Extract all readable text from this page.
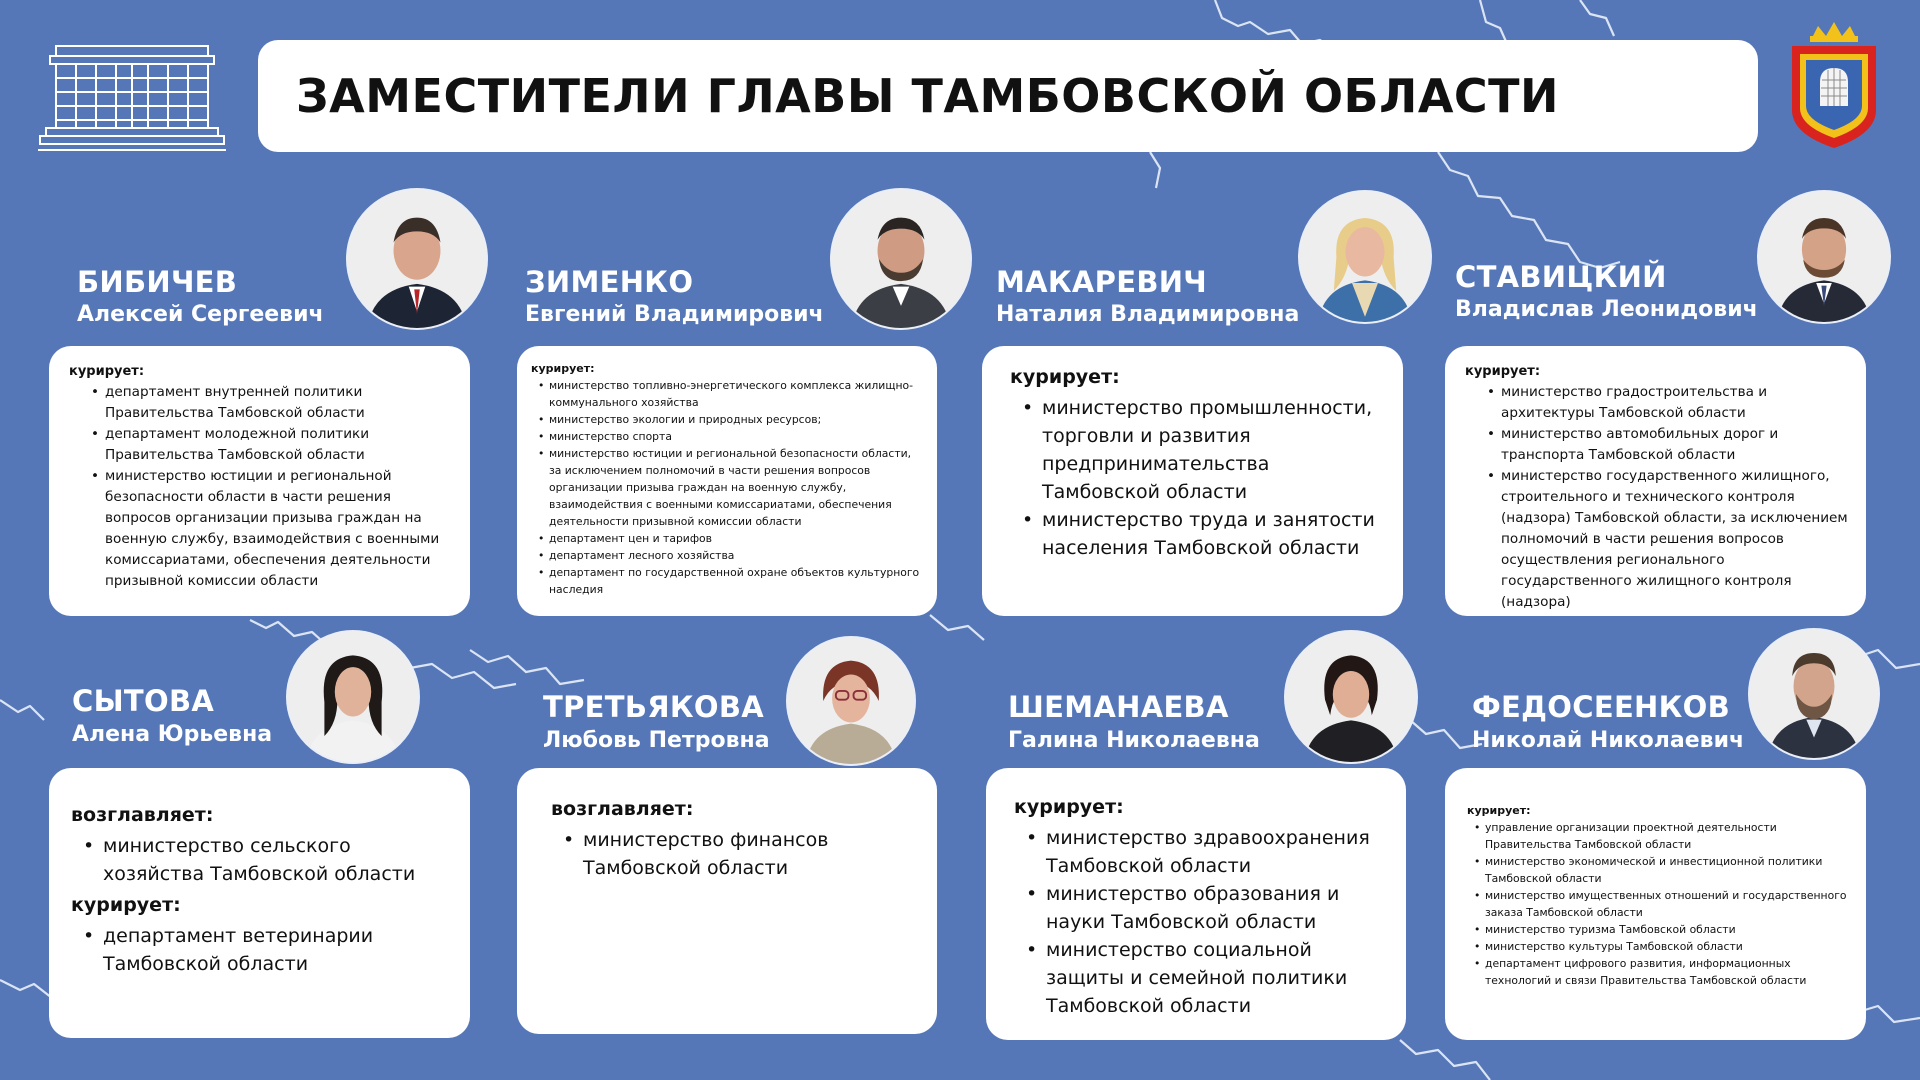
ЗАМЕСТИТЕЛИ ГЛАВЫ ТАМБОВСКОЙ ОБЛАСТИ
БИБИЧЕВ
Алексей Сергеевич
курирует:
• департамент внутренней политики Правительства Тамбовской области
• департамент молодежной политики Правительства Тамбовской области
• министерство юстиции и региональной безопасности области в части решения вопросов организации призыва граждан на военную службу, взаимодействия с военными комиссариатами, обеспечения деятельности призывной комиссии области
ЗИМЕНКО
Евгений Владимирович
курирует:
• министерство топливно-энергетического комплекса жилищно-коммунального хозяйства
• министерство экологии и природных ресурсов;
• министерство спорта
• министерство юстиции и региональной безопасности области, за исключением полномочий в части решения вопросов организации призыва граждан на военную службу, взаимодействия с военными комиссариатами, обеспечения деятельности призывной комиссии области
• департамент цен и тарифов
• департамент лесного хозяйства
• департамент по государственной охране объектов культурного наследия
МАКАРЕВИЧ
Наталия Владимировна
курирует:
• министерство промышленности, торговли и развития предпринимательства Тамбовской области
• министерство труда и занятости населения Тамбовской области
СТАВИЦКИЙ
Владислав Леонидович
курирует:
• министерство градостроительства и архитектуры Тамбовской области
• министерство автомобильных дорог и транспорта Тамбовской области
• министерство государственного жилищного, строительного и технического контроля (надзора) Тамбовской области, за исключением полномочий в части решения вопросов осуществления регионального государственного жилищного контроля (надзора)
СЫТОВА
Алена Юрьевна
возглавляет:
• министерство сельского хозяйства Тамбовской области
курирует:
• департамент ветеринарии Тамбовской области
ТРЕТЬЯКОВА
Любовь Петровна
возглавляет:
• министерство финансов Тамбовской области
ШЕМАНАЕВА
Галина Николаевна
курирует:
• министерство здравоохранения Тамбовской области
• министерство образования и науки Тамбовской области
• министерство социальной защиты и семейной политики Тамбовской области
ФЕДОСЕЕНКОВ
Николай Николаевич
курирует:
• управление организации проектной деятельности Правительства Тамбовской области
• министерство экономической и инвестиционной политики Тамбовской области
• министерство имущественных отношений и государственного заказа Тамбовской области
• министерство туризма Тамбовской области
• министерство культуры Тамбовской области
• департамент цифрового развития, информационных технологий и связи Правительства Тамбовской области
